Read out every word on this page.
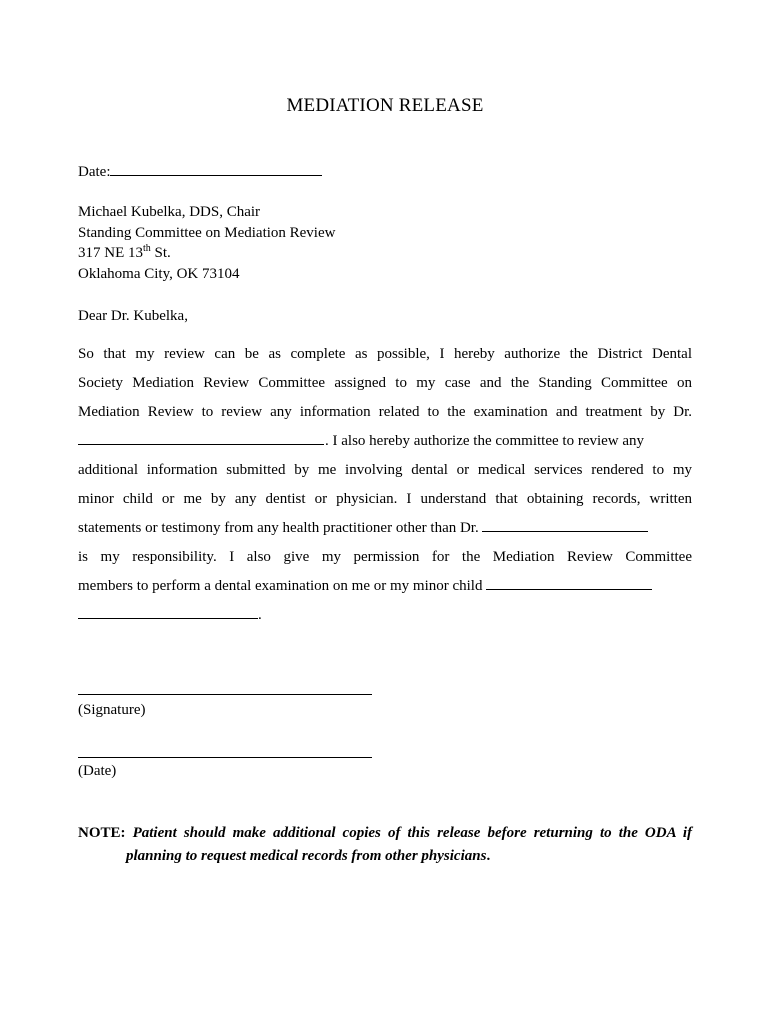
MEDIATION RELEASE
Date:
Michael Kubelka, DDS, Chair
Standing Committee on Mediation Review
317 NE 13th St.
Oklahoma City, OK 73104
Dear Dr. Kubelka,
So that my review can be as complete as possible, I hereby authorize the District Dental
Society Mediation Review Committee assigned to my case and the Standing Committee on
Mediation Review to review any information related to the examination and treatment by Dr.
. I also hereby authorize the committee to review any
additional information submitted by me involving dental or medical services rendered to my
minor child or me by any dentist or physician. I understand that obtaining records, written
statements or testimony from any health practitioner other than Dr.
is my responsibility. I also give my permission for the Mediation Review Committee
members to perform a dental examination on me or my minor child
.
(Signature)
(Date)
NOTE: Patient should make additional copies of this release before returning to the ODA if
planning to request medical records from other physicians.
